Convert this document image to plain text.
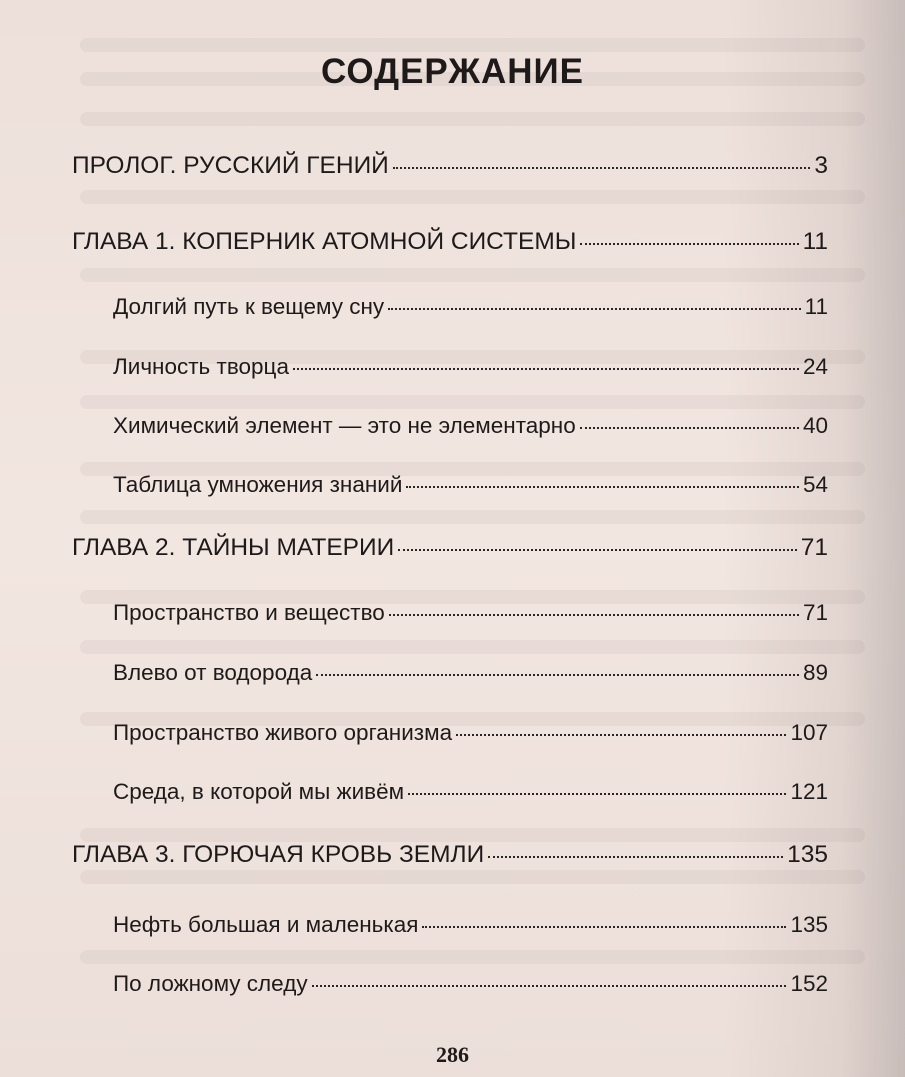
СОДЕРЖАНИЕ
ПРОЛОГ. РУССКИЙ ГЕНИЙ	3
ГЛАВА 1. КОПЕРНИК АТОМНОЙ СИСТЕМЫ	11
Долгий путь к вещему сну	11
Личность творца	24
Химический элемент — это не элементарно	40
Таблица умножения знаний	54
ГЛАВА 2. ТАЙНЫ МАТЕРИИ	71
Пространство и вещество	71
Влево от водорода	89
Пространство живого организма	107
Среда, в которой мы живём	121
ГЛАВА 3. ГОРЮЧАЯ КРОВЬ ЗЕМЛИ	135
Нефть большая и маленькая	135
По ложному следу	152
286
